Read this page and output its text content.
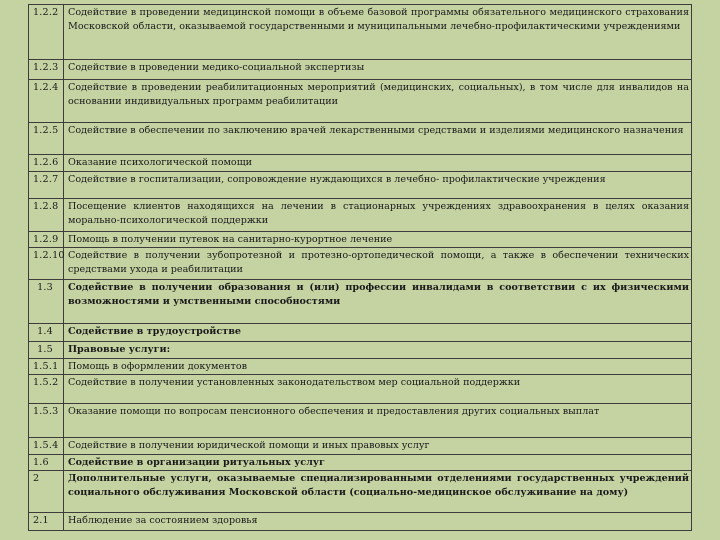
1.2.2	Содействие в проведении медицинской помощи в объеме базовой программы обязательного медицинского страхования Московской области, оказываемой государственными и муниципальными лечебно-профилактическими учреждениями
1.2.3	Содействие в проведении медико-социальной экспертизы
1.2.4	Содействие в проведении реабилитационных мероприятий (медицинских, социальных), в том числе для инвалидов на основании индивидуальных программ реабилитации
1.2.5	Содействие в обеспечении по заключению врачей лекарственными средствами и изделиями медицинского назначения
1.2.6	Оказание психологической помощи
1.2.7	Содействие в госпитализации, сопровождение нуждающихся в лечебно- профилактические учреждения
1.2.8	Посещение клиентов находящихся на лечении в стационарных учреждениях здравоохранения в целях оказания морально-психологической поддержки
1.2.9	Помощь в получении путевок на санитарно-курортное лечение
1.2.10	Содействие в получении зубопротезной и протезно-ортопедической помощи, а также в обеспечении технических средствами ухода и реабилитации
1.3	Содействие в получении образования и (или) профессии инвалидами в соответствии с их физическими возможностями и умственными способностями
1.4	Содействие в трудоустройстве
1.5	Правовые услуги:
1.5.1	Помощь в оформлении документов
1.5.2	Содействие в получении установленных законодательством мер социальной поддержки
1.5.3	Оказание помощи по вопросам пенсионного обеспечения и предоставления других социальных выплат
1.5.4	Содействие в получении юридической помощи и иных правовых услуг
1.6	Содействие в организации ритуальных услуг
2	Дополнительные услуги, оказываемые специализированными отделениями государственных учреждений социального обслуживания Московской области (социально-медицинское обслуживание на дому)
2.1	Наблюдение за состоянием здоровья
